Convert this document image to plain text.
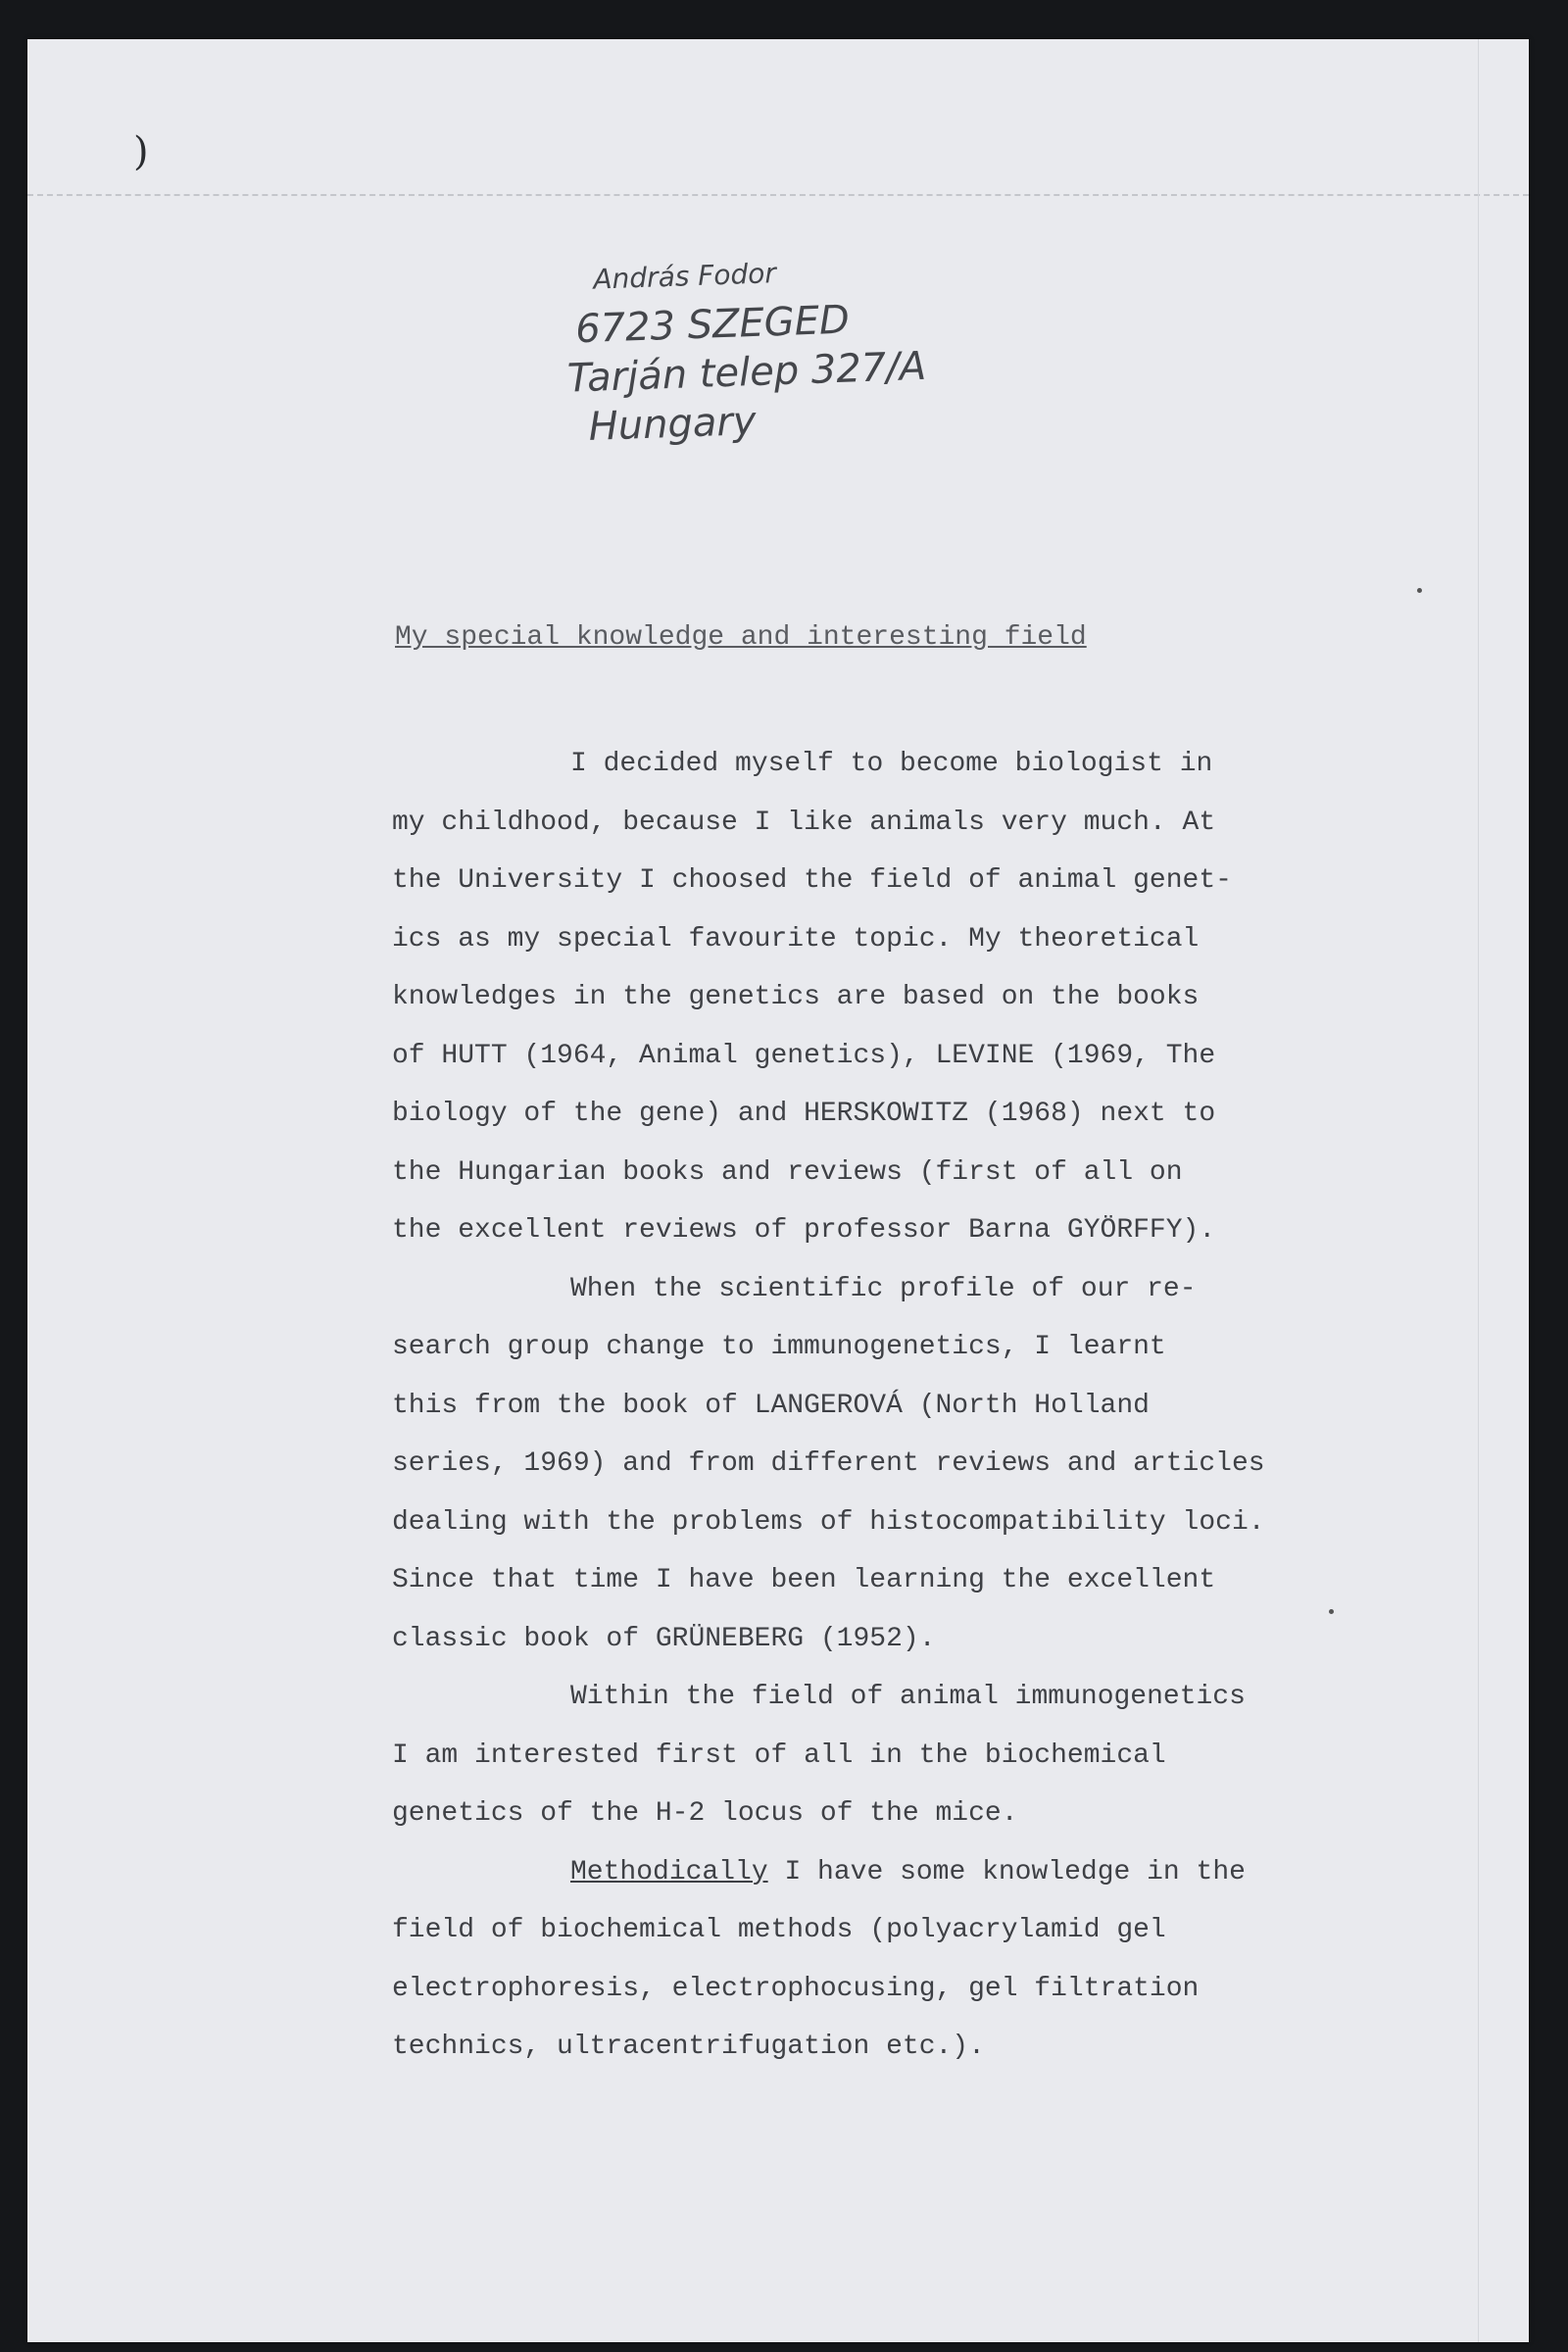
)
András Fodor
6723 SZEGED
Tarján telep 327/A
Hungary
My special knowledge and interesting field
I decided myself to become biologist in
my childhood, because I like animals very much. At
the University I choosed the field of animal genet-
ics as my special favourite topic. My theoretical
knowledges in the genetics are based on the books
of HUTT (1964, Animal genetics), LEVINE (1969, The
biology of the gene) and HERSKOWITZ (1968) next to
the Hungarian books and reviews (first of all on
the excellent reviews of professor Barna GYÖRFFY).
When the scientific profile of our re-
search group change to immunogenetics, I learnt
this from the book of LANGEROVÁ (North Holland
series, 1969) and from different reviews and articles
dealing with the problems of histocompatibility loci.
Since that time I have been learning the excellent
classic book of GRÜNEBERG (1952).
Within the field of animal immunogenetics
I am interested first of all in the biochemical
genetics of the H-2 locus of the mice.
Methodically I have some knowledge in the
field of biochemical methods (polyacrylamid gel
electrophoresis, electrophocusing, gel filtration
technics, ultracentrifugation etc.).
